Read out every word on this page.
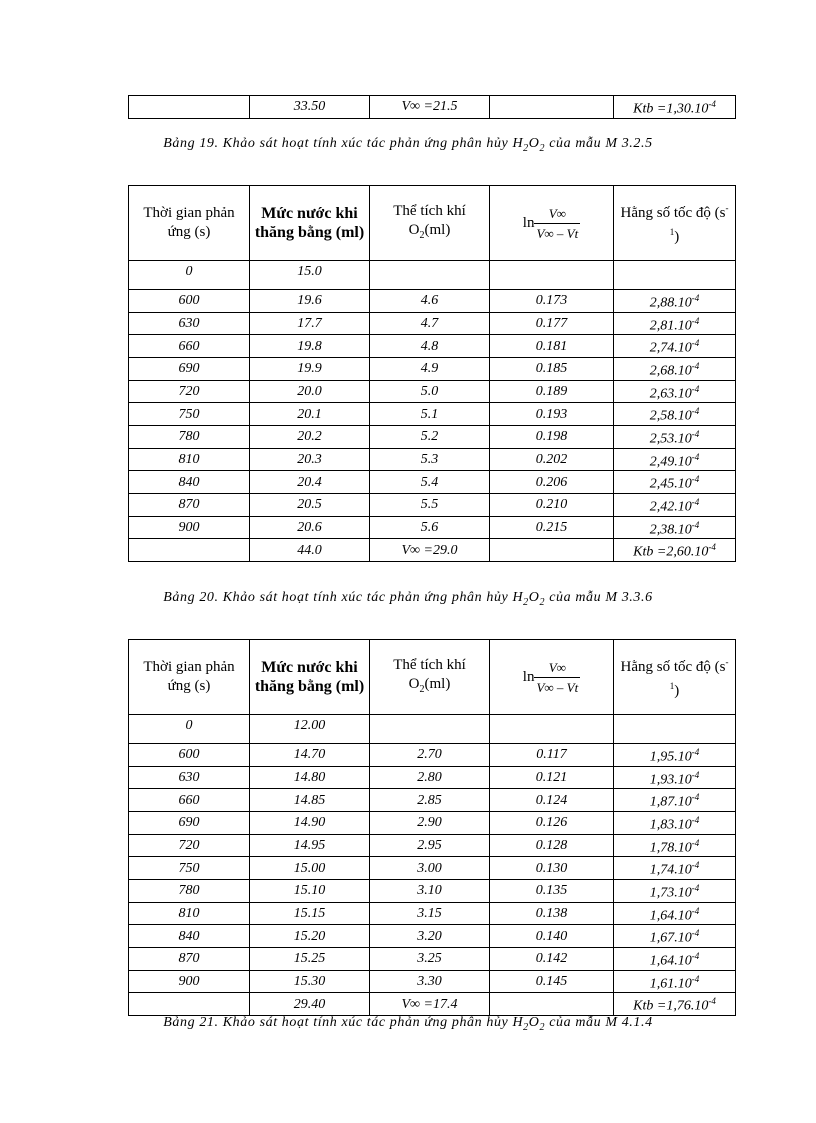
	33.50	V∞ =21.5		Ktb $=1,30.10^{-4}$
Bảng 19. Khảo sát hoạt tính xúc tác phản ứng phân hủy $H_2O_2$ của mẫu M 3.2.5
Thời gian phản ứng (s)	Mức nước khi thăng bằng (ml)	Thể tích khí $O_2(ml)$	$\ln \frac{V\infty}{V\infty - Vt}$	Hằng số tốc độ $(s^{-1})$
0	15.0			
600	19.6	4.6	0.173	$2,88.10^{-4}$
630	17.7	4.7	0.177	$2,81.10^{-4}$
660	19.8	4.8	0.181	$2,74.10^{-4}$
690	19.9	4.9	0.185	$2,68.10^{-4}$
720	20.0	5.0	0.189	$2,63.10^{-4}$
750	20.1	5.1	0.193	$2,58.10^{-4}$
780	20.2	5.2	0.198	$2,53.10^{-4}$
810	20.3	5.3	0.202	$2,49.10^{-4}$
840	20.4	5.4	0.206	$2,45.10^{-4}$
870	20.5	5.5	0.210	$2,42.10^{-4}$
900	20.6	5.6	0.215	$2,38.10^{-4}$
	44.0	V∞ =29.0		Ktb $=2,60.10^{-4}$
Bảng 20. Khảo sát hoạt tính xúc tác phản ứng phân hủy $H_2O_2$ của mẫu M 3.3.6
Thời gian phản ứng (s)	Mức nước khi thăng bằng (ml)	Thể tích khí $O_2(ml)$	$\ln \frac{V\infty}{V\infty - Vt}$	Hằng số tốc độ $(s^{-1})$
0	12.00			
600	14.70	2.70	0.117	$1,95.10^{-4}$
630	14.80	2.80	0.121	$1,93.10^{-4}$
660	14.85	2.85	0.124	$1,87.10^{-4}$
690	14.90	2.90	0.126	$1,83.10^{-4}$
720	14.95	2.95	0.128	$1,78.10^{-4}$
750	15.00	3.00	0.130	$1,74.10^{-4}$
780	15.10	3.10	0.135	$1,73.10^{-4}$
810	15.15	3.15	0.138	$1,64.10^{-4}$
840	15.20	3.20	0.140	$1,67.10^{-4}$
870	15.25	3.25	0.142	$1,64.10^{-4}$
900	15.30	3.30	0.145	$1,61.10^{-4}$
	29.40	V∞ =17.4		Ktb $=1,76.10^{-4}$
Bảng 21. Khảo sát hoạt tính xúc tác phản ứng phân hủy $H_2O_2$ của mẫu M 4.1.4
